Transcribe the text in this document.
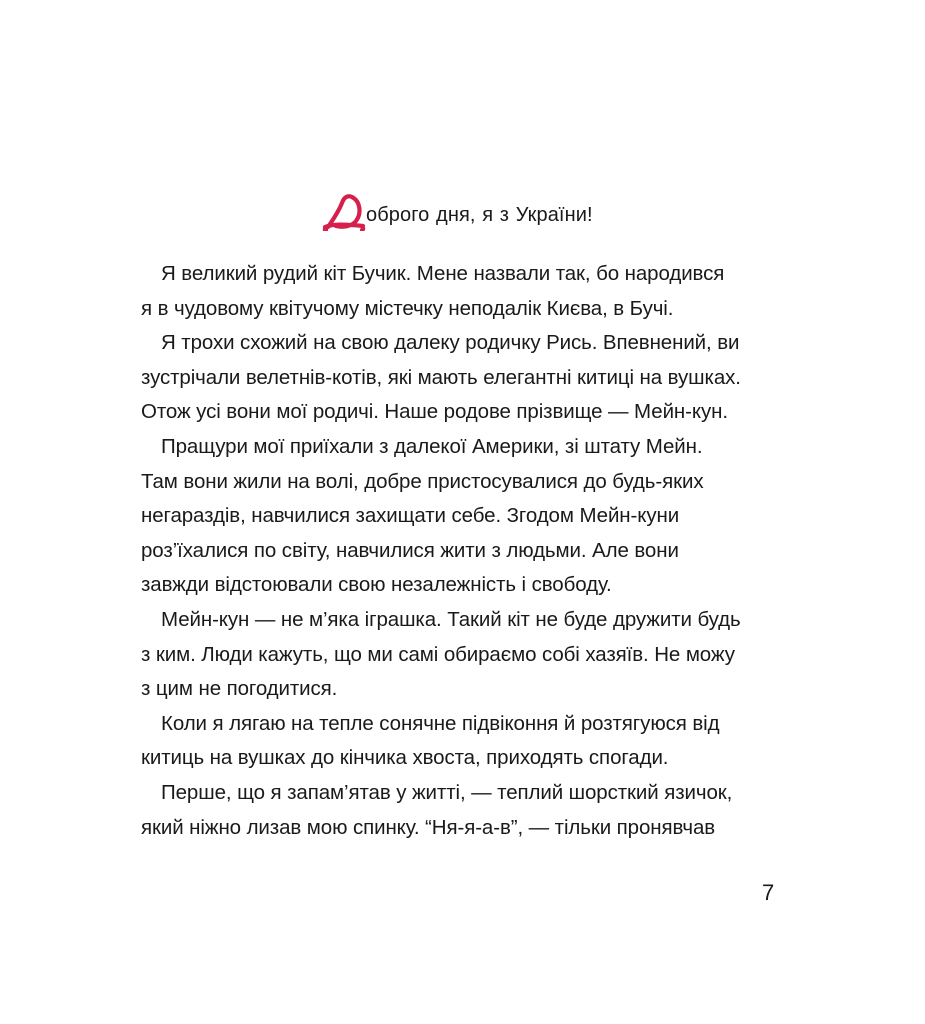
оброго дня, я з України!
Я великий рудий кіт Бучик. Мене назвали так, бо народився
я в чудовому квітучому містечку неподалік Києва, в Бучі.
Я трохи схожий на свою далеку родичку Рись. Впевнений, ви
зустрічали велетнів-котів, які мають елегантні китиці на вушках.
Отож усі вони мої родичі. Наше родове прізвище — Мейн-кун.
Пращури мої приїхали з далекої Америки, зі штату Мейн.
Там вони жили на волі, добре пристосувалися до будь-яких
негараздів, навчилися захищати себе. Згодом Мейн-куни
роз’їхалися по світу, навчилися жити з людьми. Але вони
завжди відстоювали свою незалежність і свободу.
Мейн-кун — не м’яка іграшка. Такий кіт не буде дружити будь
з ким. Люди кажуть, що ми самі обираємо собі хазяїв. Не можу
з цим не погодитися.
Коли я лягаю на тепле сонячне підвіконня й розтягуюся від
китиць на вушках до кінчика хвоста, приходять спогади.
Перше, що я запам’ятав у житті, — теплий шорсткий язичок,
який ніжно лизав мою спинку. “Ня-я-а-в”, — тільки пронявчав
7
